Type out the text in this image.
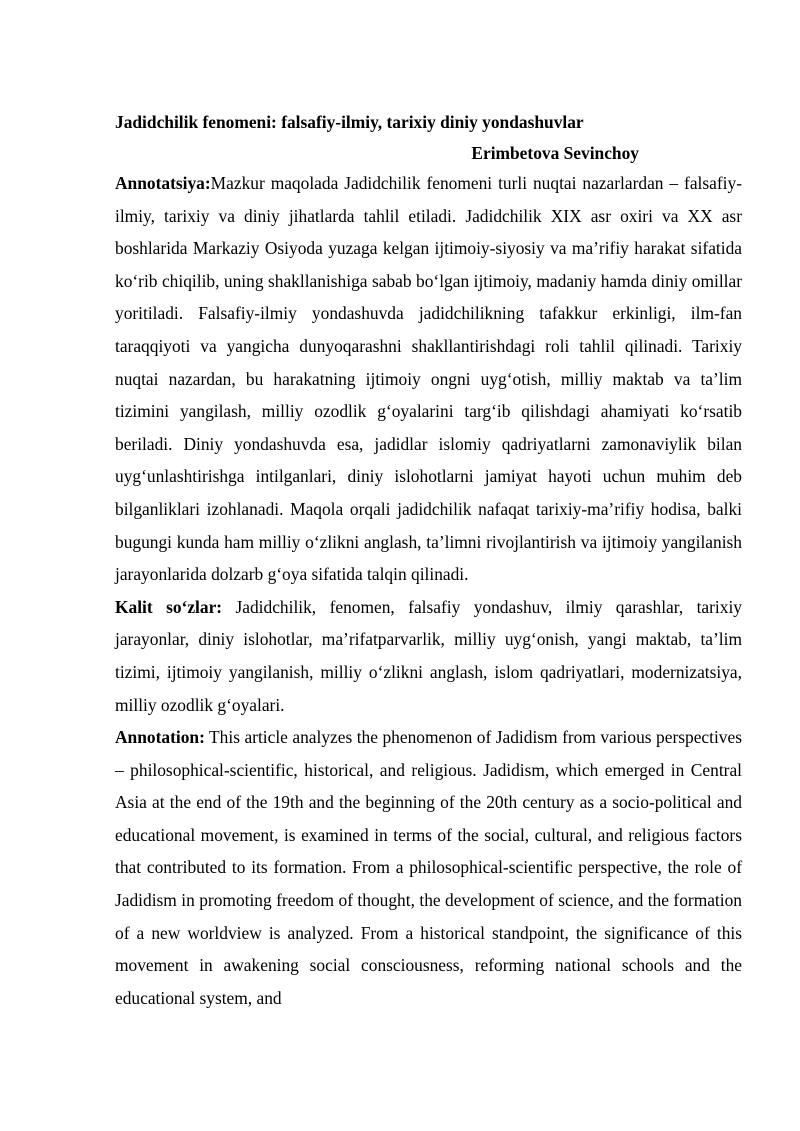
Jadidchilik fenomeni: falsafiy-ilmiy, tarixiy diniy yondashuvlar

Erimbetova Sevinchoy

Annotatsiya:Mazkur maqolada Jadidchilik fenomeni turli nuqtai nazarlardan – falsafiy-ilmiy, tarixiy va diniy jihatlarda tahlil etiladi. Jadidchilik XIX asr oxiri va XX asr boshlarida Markaziy Osiyoda yuzaga kelgan ijtimoiy-siyosiy va ma’rifiy harakat sifatida ko‘rib chiqilib, uning shakllanishiga sabab bo‘lgan ijtimoiy, madaniy hamda diniy omillar yoritiladi. Falsafiy-ilmiy yondashuvda jadidchilikning tafakkur erkinligi, ilm-fan taraqqiyoti va yangicha dunyoqarashni shakllantirishdagi roli tahlil qilinadi. Tarixiy nuqtai nazardan, bu harakatning ijtimoiy ongni uyg‘otish, milliy maktab va ta’lim tizimini yangilash, milliy ozodlik g‘oyalarini targ‘ib qilishdagi ahamiyati ko‘rsatib beriladi. Diniy yondashuvda esa, jadidlar islomiy qadriyatlarni zamonaviylik bilan uyg‘unlashtirishga intilganlari, diniy islohotlarni jamiyat hayoti uchun muhim deb bilganliklari izohlanadi. Maqola orqali jadidchilik nafaqat tarixiy-ma’rifiy hodisa, balki bugungi kunda ham milliy o‘zlikni anglash, ta’limni rivojlantirish va ijtimoiy yangilanish jarayonlarida dolzarb g‘oya sifatida talqin qilinadi.

Kalit so‘zlar: Jadidchilik, fenomen, falsafiy yondashuv, ilmiy qarashlar, tarixiy jarayonlar, diniy islohotlar, ma’rifatparvarlik, milliy uyg‘onish, yangi maktab, ta’lim tizimi, ijtimoiy yangilanish, milliy o‘zlikni anglash, islom qadriyatlari, modernizatsiya, milliy ozodlik g‘oyalari.

Annotation: This article analyzes the phenomenon of Jadidism from various perspectives – philosophical-scientific, historical, and religious. Jadidism, which emerged in Central Asia at the end of the 19th and the beginning of the 20th century as a socio-political and educational movement, is examined in terms of the social, cultural, and religious factors that contributed to its formation. From a philosophical-scientific perspective, the role of Jadidism in promoting freedom of thought, the development of science, and the formation of a new worldview is analyzed. From a historical standpoint, the significance of this movement in awakening social consciousness, reforming national schools and the educational system, and
